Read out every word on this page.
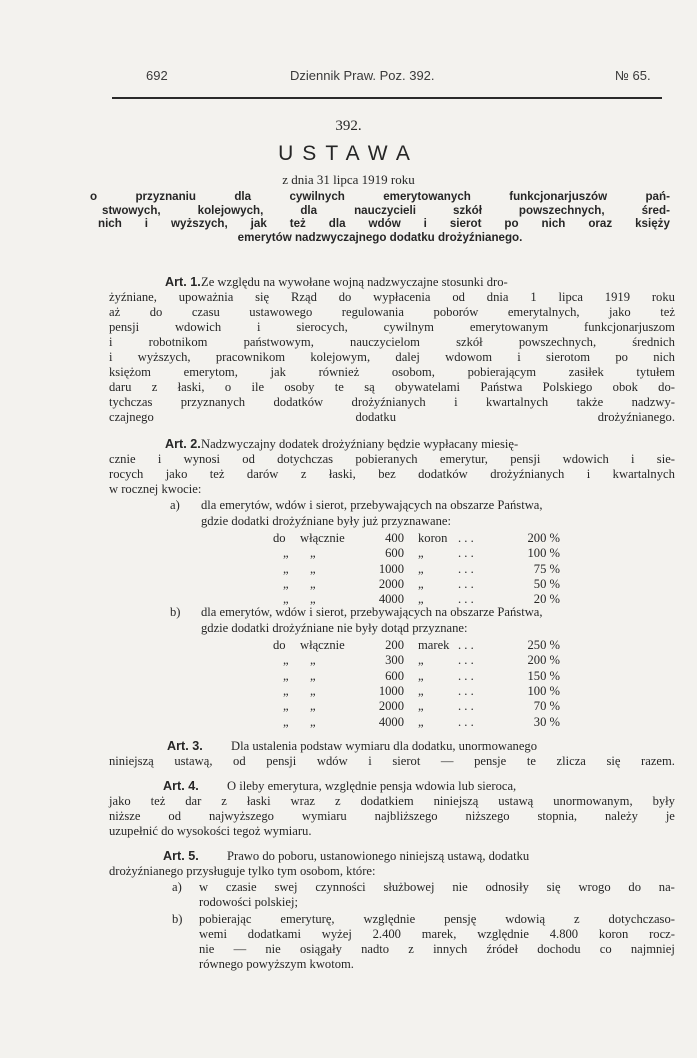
692	Dziennik Praw. Poz. 392.	№ 65.
392.
USTAWA
z dnia 31 lipca 1919 roku
o	przyznaniu	dla	cywilnych	emerytowanych	funkcjonarjuszów	pań-
stwowych,	kolejowych,	dla	nauczycieli	szkół	powszechnych,	śred-
nich i wyższych, jak też dla wdów i sierot po nich oraz księży
emerytów nadzwyczajnego dodatku drożyźnianego.
Art. 1. Ze względu na wywołane wojną nadzwyczajne stosunki dro-
żyźniane, upoważnia się Rząd do wypłacenia od dnia 1 lipca 1919 roku
aż do czasu ustawowego regulowania poborów emerytalnych, jako też
pensji	wdowich	i	sierocych,	cywilnym	emerytowanym	funkcjonarjuszom
i	robotnikom	państwowym,	nauczycielom	szkół	powszechnych,	średnich
i wyższych, pracownikom kolejowym, dalej wdowom i sierotom po nich
księżom	emerytom,	jak	również	osobom,	pobierającym	zasiłek	tytułem
daru z łaski, o ile osoby te są obywatelami Państwa Polskiego obok do-
tychczas przyznanych dodatków drożyźnianych i kwartalnych także nadzwy-
czajnego	dodatku	drożyźnianego.
Art. 2. Nadzwyczajny dodatek drożyźniany będzie wypłacany miesię-
cznie i wynosi od dotychczas pobieranych emerytur, pensji wdowich i sie-
rocych jako też darów z łaski, bez dodatków drożyźnianych i kwartalnych
w rocznej kwocie:
a) dla emerytów, wdów i sierot, przebywających na obszarze Państwa,
gdzie dodatki drożyźniane były już przyznawane:
do włącznie	400 koron . . .	200 %
„ „	600 „	. . .	100 %
„ „	1000 „	. . .	75 %
„ „	2000 „	. . .	50 %
„ „	4000 „	. . .	20 %
b) dla emerytów, wdów i sierot, przebywających na obszarze Państwa,
gdzie dodatki drożyźniane nie były dotąd przyznane:
do włącznie	200 marek . . .	250 %
„ „	300 „	. . .	200 %
„ „	600 „	. . .	150 %
„ „	1000 „	. . .	100 %
„ „	2000 „	. . .	70 %
„ „	4000 „	. . .	30 %
Art. 3.	Dla ustalenia podstaw wymiaru dla dodatku, unormowanego
niniejszą ustawą, od pensji wdów i sierot — pensje te zlicza się razem.
Art. 4.	O ileby emerytura, względnie pensja wdowia lub sieroca,
jako też dar z łaski wraz z dodatkiem niniejszą ustawą unormowanym, były
niższe od najwyższego wymiaru najbliższego niższego stopnia, należy je
uzupełnić do wysokości tegoż wymiaru.
Art. 5.	Prawo do poboru, ustanowionego niniejszą ustawą, dodatku
drożyźnianego przysługuje tylko tym osobom, które:
a) w czasie swej czynności służbowej nie odnosiły się wrogo do na-
rodowości polskiej;
b) pobierając emeryturę, względnie pensję wdowią z dotychczaso-
wemi dodatkami wyżej 2.400 marek, względnie 4.800 koron rocz-
nie — nie osiągały nadto z innych źródeł dochodu co najmniej
równego powyższym kwotom.
